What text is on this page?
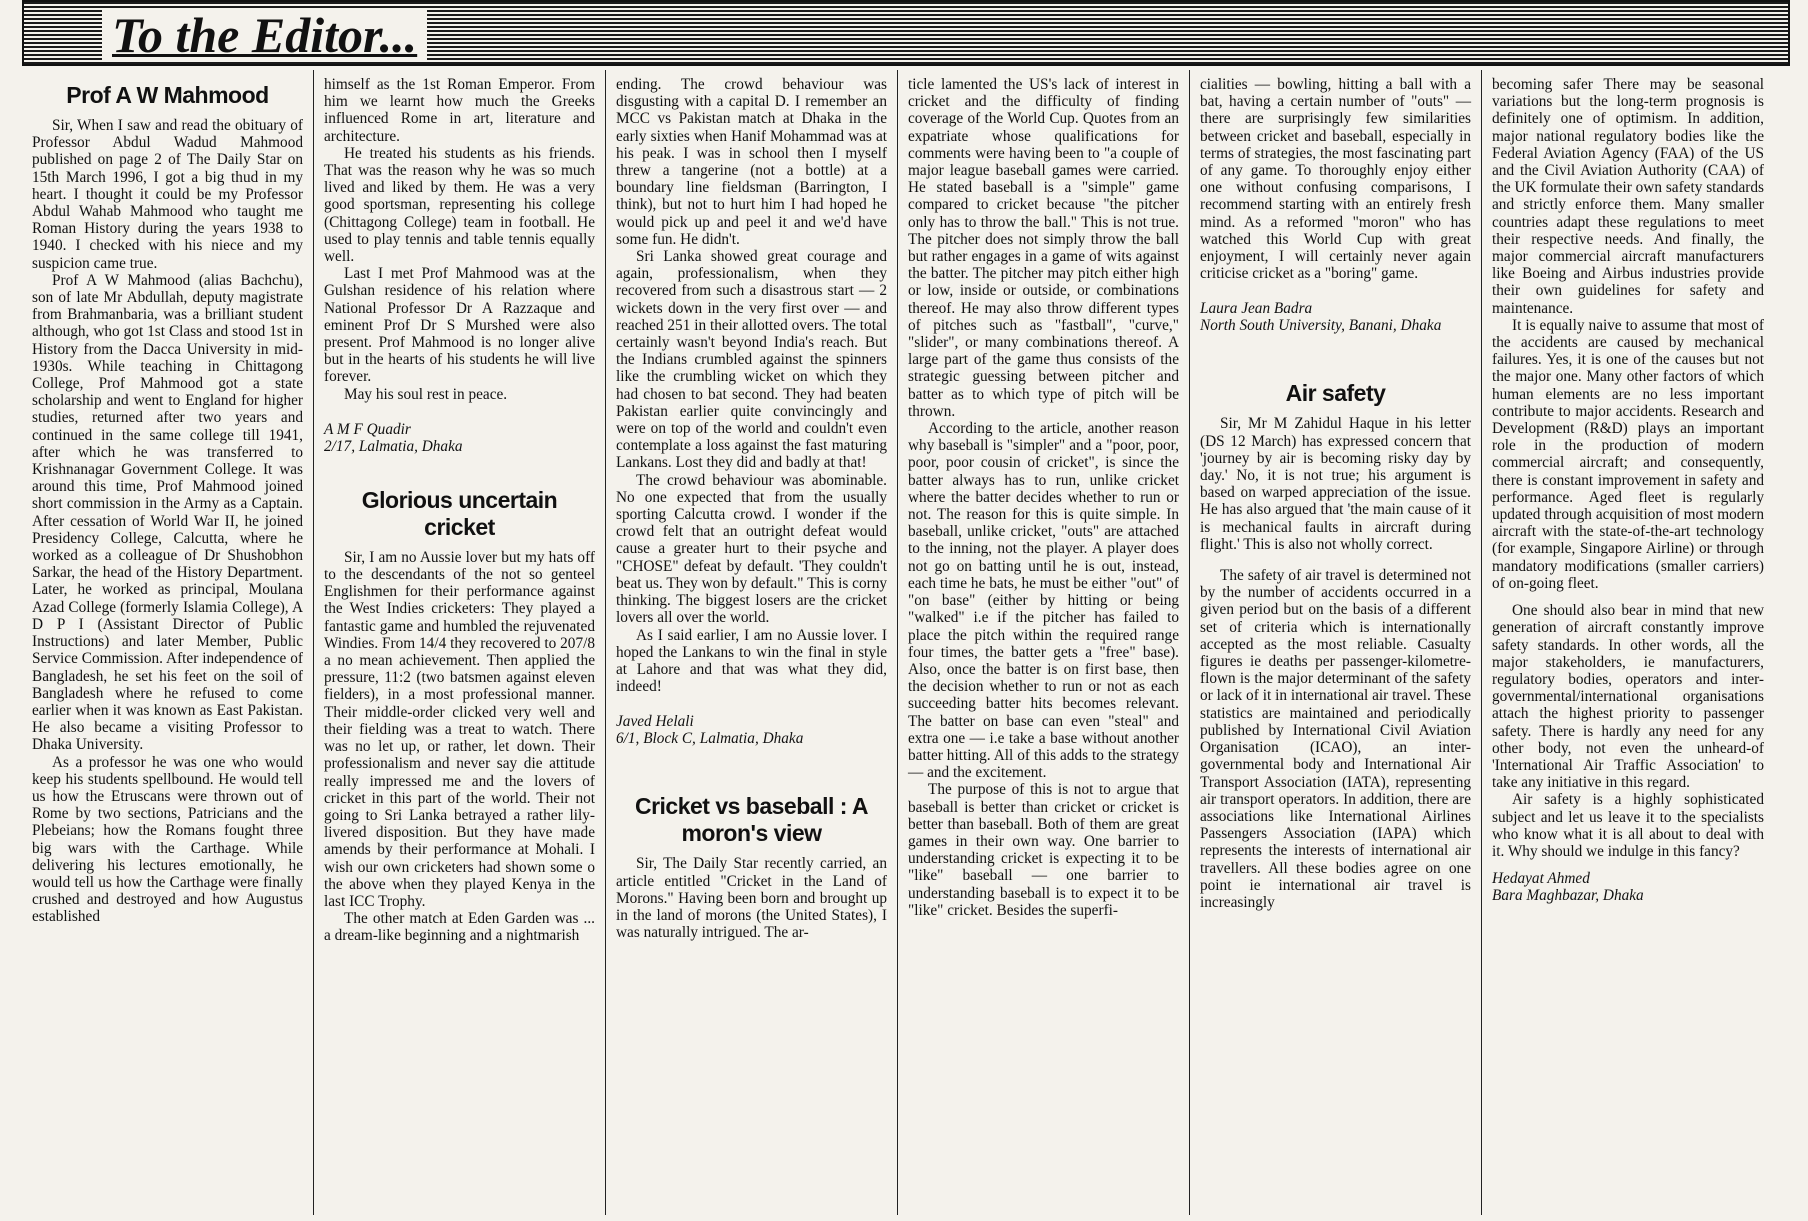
To the Editor...
Prof A W Mahmood

Sir, When I saw and read the obituary of Professor Abdul Wadud Mahmood published on page 2 of The Daily Star on 15th March 1996, I got a big thud in my heart. I thought it could be my Professor Abdul Wahab Mahmood who taught me Roman History during the years 1938 to 1940. I checked with his niece and my suspicion came true.

Prof A W Mahmood (alias Bachchu), son of late Mr Abdullah, deputy magistrate from Brahmanbaria, was a brilliant student although, who got 1st Class and stood 1st in History from the Dacca University in mid-1930s. While teaching in Chittagong College, Prof Mahmood got a state scholarship and went to England for higher studies, returned after two years and continued in the same college till 1941, after which he was transferred to Krishnanagar Government College. It was around this time, Prof Mahmood joined short commission in the Army as a Captain. After cessation of World War II, he joined Presidency College, Calcutta, where he worked as a colleague of Dr Shushobhon Sarkar, the head of the History Department. Later, he worked as principal, Moulana Azad College (formerly Islamia College), A D P I (Assistant Director of Public Instructions) and later Member, Public Service Commission. After independence of Bangladesh, he set his feet on the soil of Bangladesh where he refused to come earlier when it was known as East Pakistan. He also became a visiting Professor to Dhaka University.

As a professor he was one who would keep his students spellbound. He would tell us how the Etruscans were thrown out of Rome by two sections, Patricians and the Plebeians; how the Romans fought three big wars with the Carthage. While delivering his lectures emotionally, he would tell us how the Carthage were finally crushed and destroyed and how Augustus established

himself as the 1st Roman Emperor. From him we learnt how much the Greeks influenced Rome in art, literature and architecture.

He treated his students as his friends. That was the reason why he was so much lived and liked by them. He was a very good sportsman, representing his college (Chittagong College) team in football. He used to play tennis and table tennis equally well.

Last I met Prof Mahmood was at the Gulshan residence of his relation where National Professor Dr A Razzaque and eminent Prof Dr S Murshed were also present. Prof Mahmood is no longer alive but in the hearts of his students he will live forever.

May his soul rest in peace.

A M F Quadir
2/17, Lalmatia, Dhaka
Glorious uncertain cricket

Sir, I am no Aussie lover but my hats off to the descendants of the not so genteel Englishmen for their performance against the West Indies cricketers: They played a fantastic game and humbled the rejuvenated Windies. From 14/4 they recovered to 207/8 a no mean achievement. Then applied the pressure, 11:2 (two batsmen against eleven fielders), in a most professional manner. Their middle-order clicked very well and their fielding was a treat to watch. There was no let up, or rather, let down. Their professionalism and never say die attitude really impressed me and the lovers of cricket in this part of the world. Their not going to Sri Lanka betrayed a rather lily-livered disposition. But they have made amends by their performance at Mohali. I wish our own cricketers had shown some o the above when they played Kenya in the last ICC Trophy.

The other match at Eden Garden was ... a dream-like beginning and a nightmarish

ending. The crowd behaviour was disgusting with a capital D. I remember an MCC vs Pakistan match at Dhaka in the early sixties when Hanif Mohammad was at his peak. I was in school then I myself threw a tangerine (not a bottle) at a boundary line fieldsman (Barrington, I think), but not to hurt him I had hoped he would pick up and peel it and we'd have some fun. He didn't.

Sri Lanka showed great courage and again, professionalism, when they recovered from such a disastrous start — 2 wickets down in the very first over — and reached 251 in their allotted overs. The total certainly wasn't beyond India's reach. But the Indians crumbled against the spinners like the crumbling wicket on which they had chosen to bat second. They had beaten Pakistan earlier quite convincingly and were on top of the world and couldn't even contemplate a loss against the fast maturing Lankans. Lost they did and badly at that!

The crowd behaviour was abominable. No one expected that from the usually sporting Calcutta crowd. I wonder if the crowd felt that an outright defeat would cause a greater hurt to their psyche and "CHOSE" defeat by default. 'They couldn't beat us. They won by default." This is corny thinking. The biggest losers are the cricket lovers all over the world.

As I said earlier, I am no Aussie lover. I hoped the Lankans to win the final in style at Lahore and that was what they did, indeed!

Javed Helali
6/1, Block C, Lalmatia, Dhaka
Cricket vs baseball : A moron's view

Sir, The Daily Star recently carried, an article entitled "Cricket in the Land of Morons." Having been born and brought up in the land of morons (the United States), I was naturally intrigued. The ar-

ticle lamented the US's lack of interest in cricket and the difficulty of finding coverage of the World Cup. Quotes from an expatriate whose qualifications for comments were having been to "a couple of major league baseball games were carried. He stated baseball is a "simple" game compared to cricket because "the pitcher only has to throw the ball." This is not true. The pitcher does not simply throw the ball but rather engages in a game of wits against the batter. The pitcher may pitch either high or low, inside or outside, or combinations thereof. He may also throw different types of pitches such as "fastball", "curve," "slider", or many combinations thereof. A large part of the game thus consists of the strategic guessing between pitcher and batter as to which type of pitch will be thrown.

According to the article, another reason why baseball is "simpler" and a "poor, poor, poor, poor cousin of cricket", is since the batter always has to run, unlike cricket where the batter decides whether to run or not. The reason for this is quite simple. In baseball, unlike cricket, "outs" are attached to the inning, not the player. A player does not go on batting until he is out, instead, each time he bats, he must be either "out" of "on base" (either by hitting or being "walked" i.e if the pitcher has failed to place the pitch within the required range four times, the batter gets a "free" base). Also, once the batter is on first base, then the decision whether to run or not as each succeeding batter hits becomes relevant. The batter on base can even "steal" and extra one — i.e take a base without another batter hitting. All of this adds to the strategy — and the excitement.

The purpose of this is not to argue that baseball is better than cricket or cricket is better than baseball. Both of them are great games in their own way. One barrier to understanding cricket is expecting it to be "like" baseball — one barrier to understanding baseball is to expect it to be "like" cricket. Besides the superfi-

cialities — bowling, hitting a ball with a bat, having a certain number of "outs" — there are surprisingly few similarities between cricket and baseball, especially in terms of strategies, the most fascinating part of any game. To thoroughly enjoy either one without confusing comparisons, I recommend starting with an entirely fresh mind. As a reformed "moron" who has watched this World Cup with great enjoyment, I will certainly never again criticise cricket as a "boring" game.

Laura Jean Badra
North South University, Banani, Dhaka
Air safety

Sir, Mr M Zahidul Haque in his letter (DS 12 March) has expressed concern that 'journey by air is becoming risky day by day.' No, it is not true; his argument is based on warped appreciation of the issue. He has also argued that 'the main cause of it is mechanical faults in aircraft during flight.' This is also not wholly correct.

The safety of air travel is determined not by the number of accidents occurred in a given period but on the basis of a different set of criteria which is internationally accepted as the most reliable. Casualty figures ie deaths per passenger-kilometre-flown is the major determinant of the safety or lack of it in international air travel. These statistics are maintained and periodically published by International Civil Aviation Organisation (ICAO), an inter-governmental body and International Air Transport Association (IATA), representing air transport operators. In addition, there are associations like International Airlines Passengers Association (IAPA) which represents the interests of international air travellers. All these bodies agree on one point ie international air travel is increasingly

becoming safer There may be seasonal variations but the long-term prognosis is definitely one of optimism. In addition, major national regulatory bodies like the Federal Aviation Agency (FAA) of the US and the Civil Aviation Authority (CAA) of the UK formulate their own safety standards and strictly enforce them. Many smaller countries adapt these regulations to meet their respective needs. And finally, the major commercial aircraft manufacturers like Boeing and Airbus industries provide their own guidelines for safety and maintenance.

It is equally naive to assume that most of the accidents are caused by mechanical failures. Yes, it is one of the causes but not the major one. Many other factors of which human elements are no less important contribute to major accidents. Research and Development (R&D) plays an important role in the production of modern commercial aircraft; and consequently, there is constant improvement in safety and performance. Aged fleet is regularly updated through acquisition of most modern aircraft with the state-of-the-art technology (for example, Singapore Airline) or through mandatory modifications (smaller carriers) of on-going fleet.

One should also bear in mind that new generation of aircraft constantly improve safety standards. In other words, all the major stakeholders, ie manufacturers, regulatory bodies, operators and inter-governmental/international organisations attach the highest priority to passenger safety. There is hardly any need for any other body, not even the unheard-of 'International Air Traffic Association' to take any initiative in this regard.

Air safety is a highly sophisticated subject and let us leave it to the specialists who know what it is all about to deal with it. Why should we indulge in this fancy?

Hedayat Ahmed
Bara Maghbazar, Dhaka
